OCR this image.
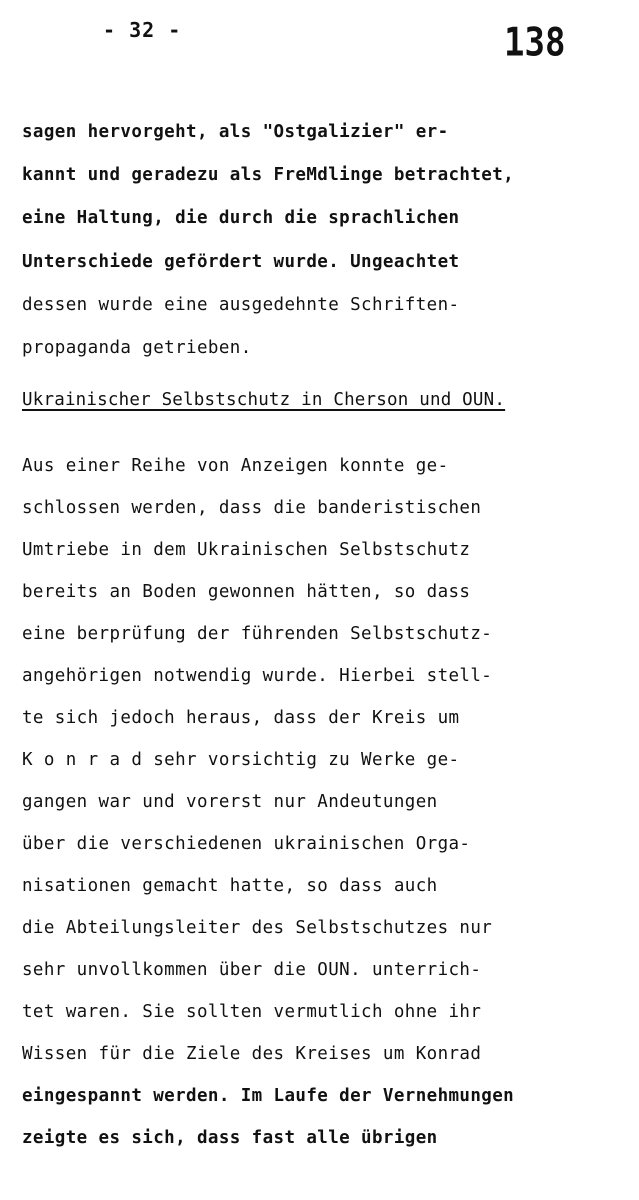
- 32 -	138
sagen hervorgeht, als "Ostgalizier" er-
kannt und geradezu als FreMdlinge betrachtet,
eine Haltung, die durch die sprachlichen
Unterschiede gefördert wurde. Ungeachtet
dessen wurde eine ausgedehnte Schriften-
propaganda getrieben.
Ukrainischer Selbstschutz in Cherson und OUN.
Aus einer Reihe von Anzeigen konnte ge-
schlossen werden, dass die banderistischen
Umtriebe in dem Ukrainischen Selbstschutz
bereits an Boden gewonnen hätten, so dass
eine berprüfung der führenden Selbstschutz-
angehörigen notwendig wurde. Hierbei stell-
te sich jedoch heraus, dass der Kreis um
K o n r a d sehr vorsichtig zu Werke ge-
gangen war und vorerst nur Andeutungen
über die verschiedenen ukrainischen Orga-
nisationen gemacht hatte, so dass auch
die Abteilungsleiter des Selbstschutzes nur
sehr unvollkommen über die OUN. unterrich-
tet waren. Sie sollten vermutlich ohne ihr
Wissen für die Ziele des Kreises um Konrad
eingespannt werden. Im Laufe der Vernehmungen
zeigte es sich, dass fast alle übrigen
